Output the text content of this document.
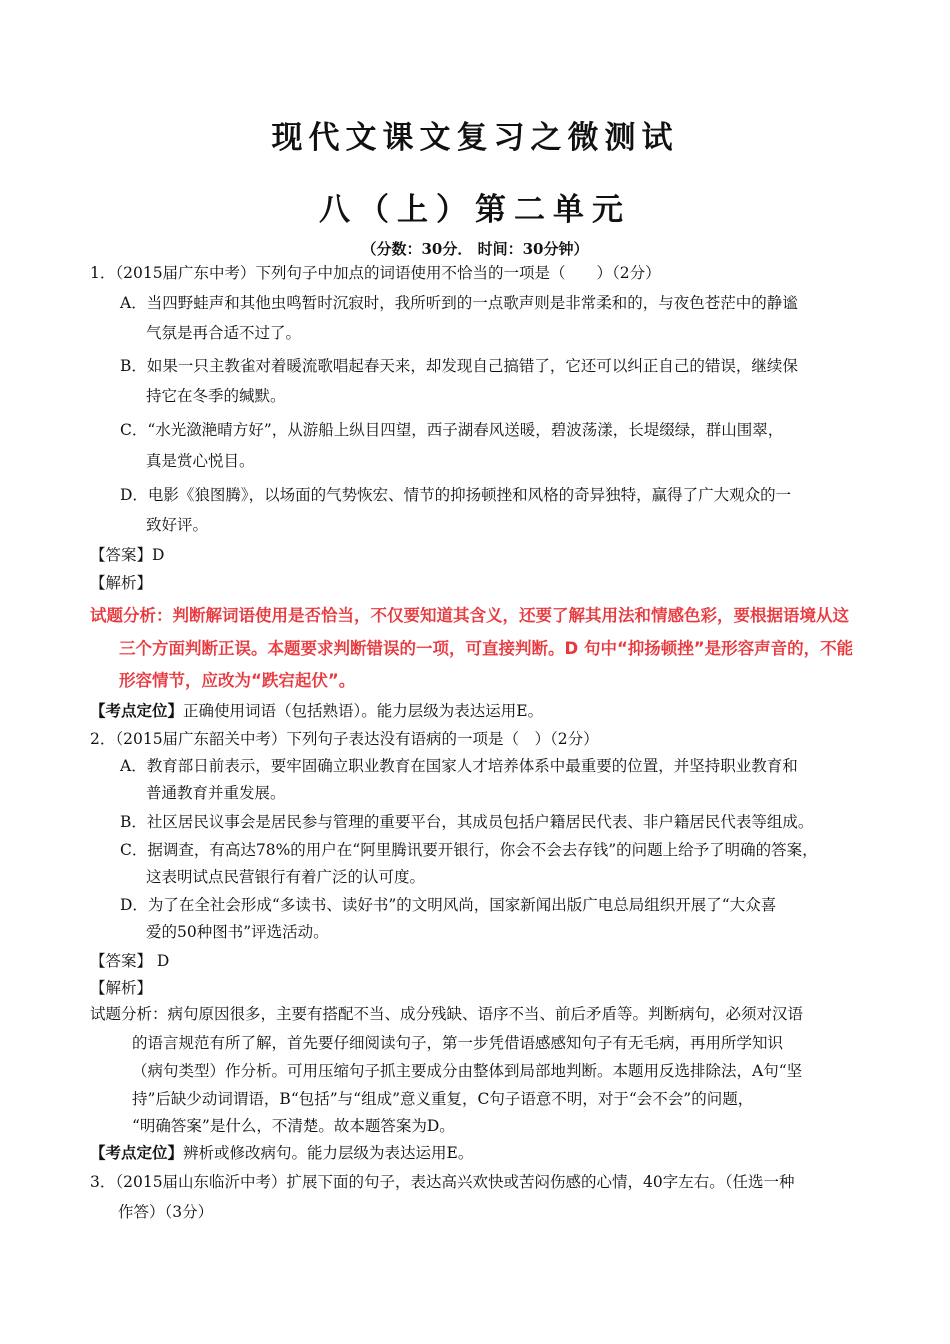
现代文课文复习之微测试
八（上）第二单元
（分数：30分． 时间：30分钟）
1．（2015届广东中考）下列句子中加点的词语使用不恰当的一项是（　　）（2分）
A．当四野蛙声和其他虫鸣暂时沉寂时，我所听到的一点歌声则是非常柔和的，与夜色苍茫中的静谧
气氛是再合适不过了。
B．如果一只主教雀对着暖流歌唱起春天来，却发现自己搞错了，它还可以纠正自己的错误，继续保
持它在冬季的缄默。
C．“水光潋滟晴方好”，从游船上纵目四望，西子湖春风送暖，碧波荡漾，长堤缀绿，群山围翠，
真是赏心悦目。
D．电影《狼图腾》，以场面的气势恢宏、情节的抑扬顿挫和风格的奇异独特，赢得了广大观众的一
致好评。
【答案】D
【解析】
试题分析：判断解词语使用是否恰当，不仅要知道其含义，还要了解其用法和情感色彩，要根据语境从这
三个方面判断正误。本题要求判断错误的一项，可直接判断。D 句中“抑扬顿挫”是形容声音的，不能
形容情节，应改为“跌宕起伏”。
【考点定位】正确使用词语（包括熟语）。能力层级为表达运用E。
2．（2015届广东韶关中考）下列句子表达没有语病的一项是（　）（2分）
A．教育部日前表示，要牢固确立职业教育在国家人才培养体系中最重要的位置，并坚持职业教育和
普通教育并重发展。
B．社区居民议事会是居民参与管理的重要平台，其成员包括户籍居民代表、非户籍居民代表等组成。
C．据调查，有高达78%的用户在“阿里腾讯要开银行，你会不会去存钱”的问题上给予了明确的答案，
这表明试点民营银行有着广泛的认可度。
D．为了在全社会形成“多读书、读好书”的文明风尚，国家新闻出版广电总局组织开展了“大众喜
爱的50种图书”评选活动。
【答案】 D
【解析】
试题分析：病句原因很多，主要有搭配不当、成分残缺、语序不当、前后矛盾等。判断病句，必须对汉语
的语言规范有所了解，首先要仔细阅读句子，第一步凭借语感感知句子有无毛病，再用所学知识
（病句类型）作分析。可用压缩句子抓主要成分由整体到局部地判断。本题用反选排除法，A句“坚
持”后缺少动词谓语，B“包括”与“组成”意义重复，C句子语意不明，对于“会不会”的问题，
“明确答案”是什么，不清楚。故本题答案为D。
【考点定位】辨析或修改病句。能力层级为表达运用E。
3．（2015届山东临沂中考）扩展下面的句子，表达高兴欢快或苦闷伤感的心情，40字左右。（任选一种
作答）（3分）
